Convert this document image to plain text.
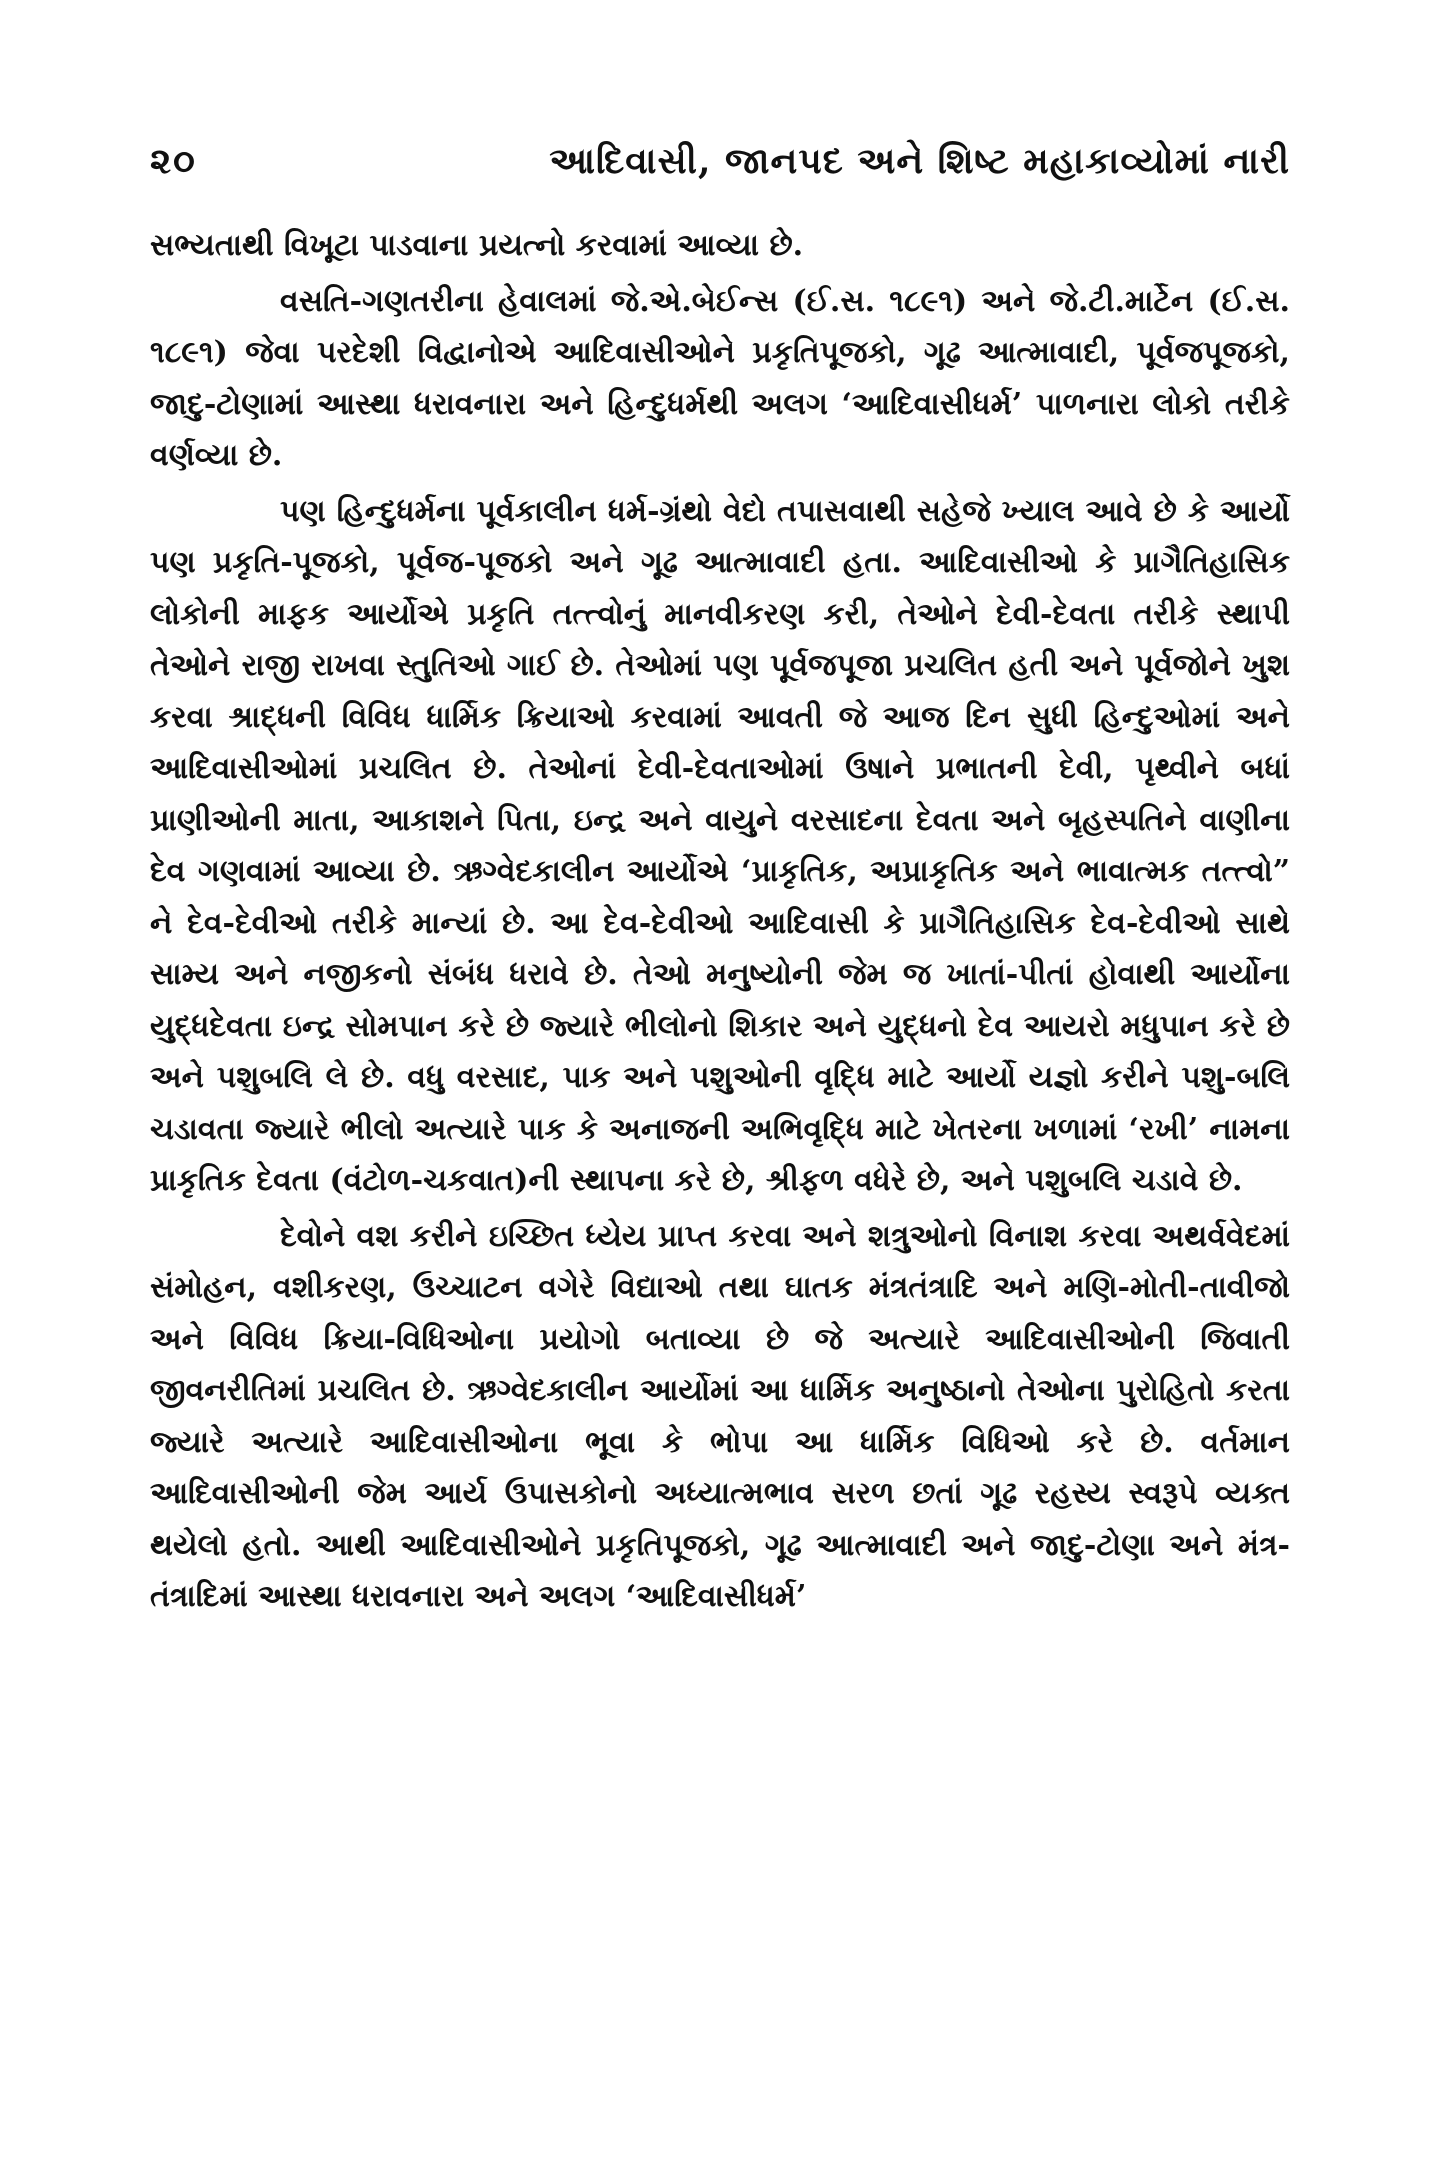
૨૦	આદિવાસી, જાનપદ અને શિષ્ટ મહાકાવ્યોમાં નારી

સભ્યતાથી વિખૂટા પાડવાના પ્રયત્નો કરવામાં આવ્યા છે.

વસતિ-ગણતરીના હેવાલમાં જે.એ.બેઈન્સ (ઈ.સ. ૧૮૯૧) અને જે.ટી.માર્ટેન (ઈ.સ. ૧૮૯૧) જેવા પરદેશી વિદ્વાનોએ આદિવાસીઓને પ્રકૃતિપૂજકો, ગૂઢ આત્માવાદી, પૂર્વજપૂજકો, જાદુ-ટોણામાં આસ્થા ધરાવનારા અને હિન્દુધર્મથી અલગ ‘આદિવાસીધર્મ’ પાળનારા લોકો તરીકે વર્ણવ્યા છે.

પણ હિન્દુધર્મના પૂર્વકાલીન ધર્મ-ગ્રંથો વેદો તપાસવાથી સહેજે ખ્યાલ આવે છે કે આર્યો પણ પ્રકૃતિ-પૂજકો, પૂર્વજ-પૂજકો અને ગૂઢ આત્માવાદી હતા. આદિવાસીઓ કે પ્રાગૈતિહાસિક લોકોની માફક આર્યોએ પ્રકૃતિ તત્ત્વોનું માનવીકરણ કરી, તેઓને દેવી-દેવતા તરીકે સ્થાપી તેઓને રાજી રાખવા સ્તુતિઓ ગાઈ છે. તેઓમાં પણ પૂર્વજપૂજા પ્રચલિત હતી અને પૂર્વજોને ખુશ કરવા શ્રાદ્ધની વિવિધ ધાર્મિક ક્રિયાઓ કરવામાં આવતી જે આજ દિન સુધી હિન્દુઓમાં અને આદિવાસીઓમાં પ્રચલિત છે. તેઓનાં દેવી-દેવતાઓમાં ઉષાને પ્રભાતની દેવી, પૃથ્વીને બધાં પ્રાણીઓની માતા, આકાશને પિતા, ઇન્દ્ર અને વાયુને વરસાદના દેવતા અને બૃહસ્પતિને વાણીના દેવ ગણવામાં આવ્યા છે. ઋગ્વેદકાલીન આર્યોએ ‘પ્રાકૃતિક, અપ્રાકૃતિક અને ભાવાત્મક તત્ત્વો” ને દેવ-દેવીઓ તરીકે માન્યાં છે. આ દેવ-દેવીઓ આદિવાસી કે પ્રાગૈતિહાસિક દેવ-દેવીઓ સાથે સામ્ય અને નજીકનો સંબંધ ધરાવે છે. તેઓ મનુષ્યોની જેમ જ ખાતાં-પીતાં હોવાથી આર્યોના યુદ્ધદેવતા ઇન્દ્ર સોમપાન કરે છે જ્યારે ભીલોનો શિકાર અને યુદ્ધનો દેવ આયરો મધુપાન કરે છે અને પશુબલિ લે છે. વધુ વરસાદ, પાક અને પશુઓની વૃદ્ધિ માટે આર્યો યજ્ઞો કરીને પશુ-બલિ ચડાવતા જ્યારે ભીલો અત્યારે પાક કે અનાજની અભિવૃદ્ધિ માટે ખેતરના ખળામાં ‘રખી’ નામના પ્રાકૃતિક દેવતા (વંટોળ-ચકવાત)ની સ્થાપના કરે છે, શ્રીફળ વધેરે છે, અને પશુબલિ ચડાવે છે.

દેવોને વશ કરીને ઇચ્છિત ધ્યેય પ્રાપ્ત કરવા અને શત્રુઓનો વિનાશ કરવા અથર્વવેદમાં સંમોહન, વશીકરણ, ઉચ્ચાટન વગેરે વિદ્યાઓ તથા ઘાતક મંત્રતંત્રાદિ અને મણિ-મોતી-તાવીજો અને વિવિધ ક્રિયા-વિધિઓના પ્રયોગો બતાવ્યા છે જે અત્યારે આદિવાસીઓની જિવાતી જીવનરીતિમાં પ્રચલિત છે. ઋગ્વેદકાલીન આર્યોમાં આ ધાર્મિક અનુષ્ઠાનો તેઓના પુરોહિતો કરતા જ્યારે અત્યારે આદિવાસીઓના ભૂવા કે ભોપા આ ધાર્મિક વિધિઓ કરે છે. વર્તમાન આદિવાસીઓની જેમ આર્ય ઉપાસકોનો અધ્યાત્મભાવ સરળ છતાં ગૂઢ રહસ્ય સ્વરૂપે વ્યક્ત થયેલો હતો. આથી આદિવાસીઓને પ્રકૃતિપૂજકો, ગૂઢ આત્માવાદી અને જાદુ-ટોણા અને મંત્ર-તંત્રાદિમાં આસ્થા ધરાવનારા અને અલગ ‘આદિવાસીધર્મ’
